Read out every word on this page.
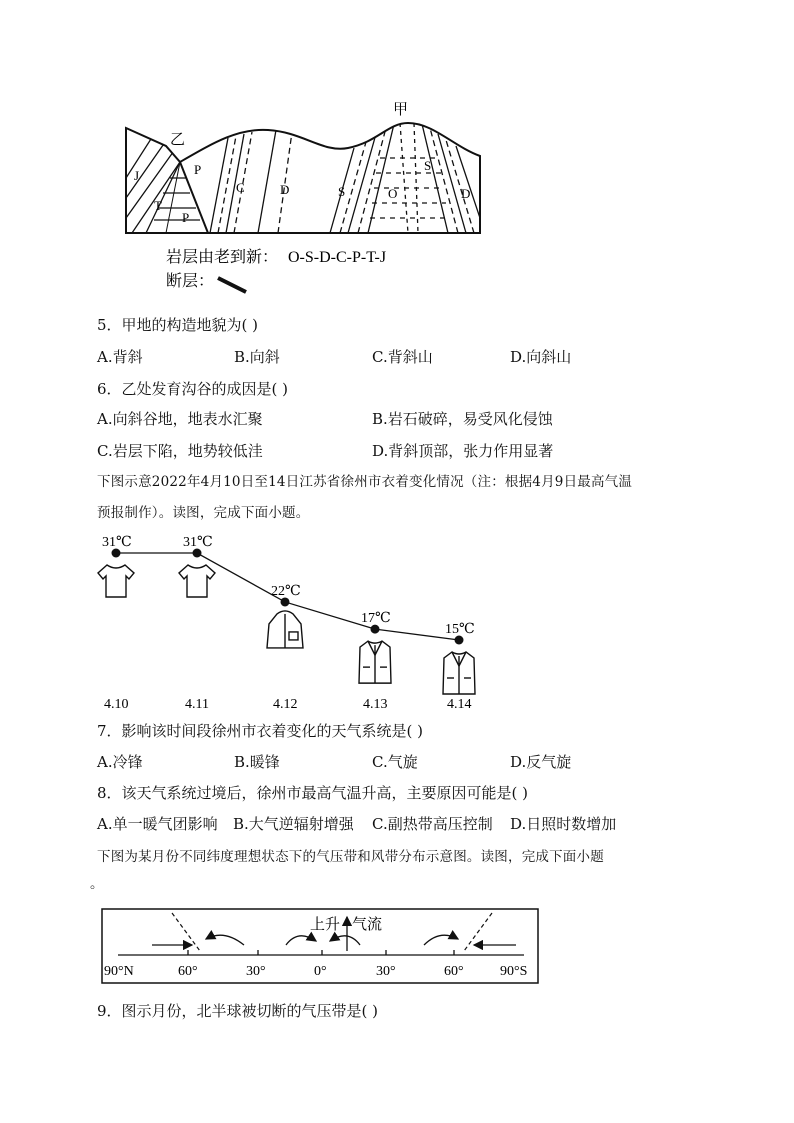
甲
乙
J
T
P
P
C	D	S	O
S
D
岩层由老到新： O-S-D-C-P-T-J
断层：
5．甲地的构造地貌为( )
A.背斜	B.向斜	C.背斜山	D.向斜山
6．乙处发育沟谷的成因是( )
A.向斜谷地，地表水汇聚	B.岩石破碎，易受风化侵蚀
C.岩层下陷，地势较低洼	D.背斜顶部，张力作用显著
下图示意2022年4月10日至14日江苏省徐州市衣着变化情况（注：根据4月9日最高气温
预报制作）。读图，完成下面小题。
31℃
4.10
31℃
4.11
22℃
4.12
17℃
4.13
15℃
4.14
7．影响该时间段徐州市衣着变化的天气系统是( )
A.冷锋	B.暖锋	C.气旋	D.反气旋
8．该天气系统过境后，徐州市最高气温升高，主要原因可能是( )
A.单一暖气团影响 B.大气逆辐射增强 C.副热带高压控制 D.日照时数增加
下图为某月份不同纬度理想状态下的气压带和风带分布示意图。读图，完成下面小题
。
上升 气流
90°N	60°	30°	0°	30°	60°	90°S
9．图示月份，北半球被切断的气压带是( )
